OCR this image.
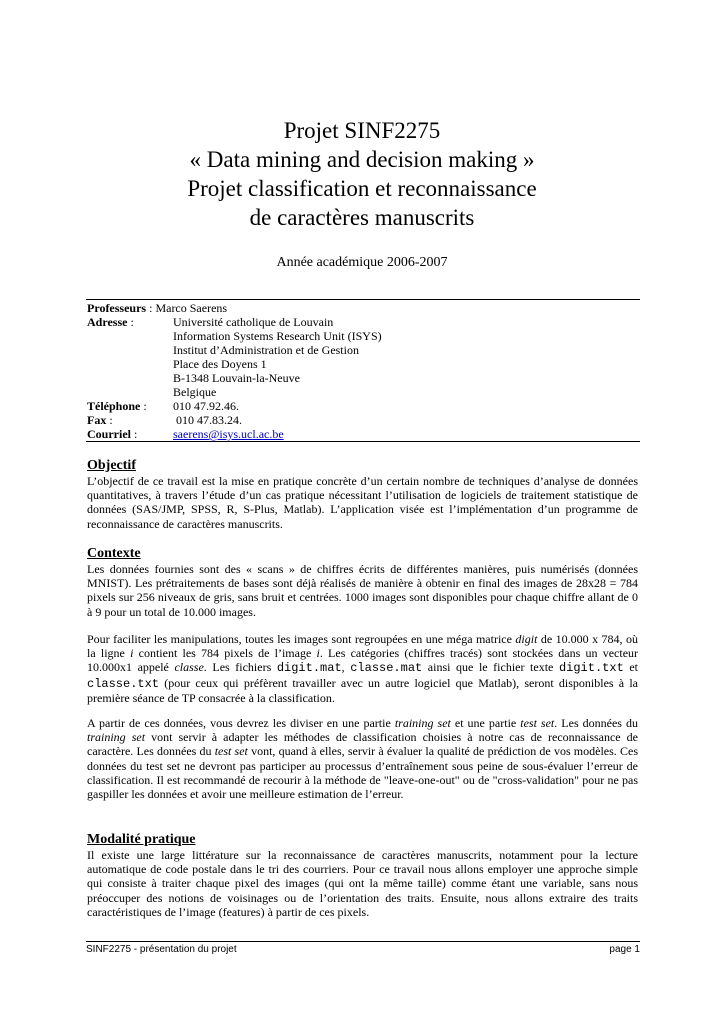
Projet SINF2275
« Data mining and decision making »
Projet classification et reconnaissance
de caractères manuscrits
Année académique 2006-2007
Professeurs : Marco Saerens
Adresse :	Université catholique de Louvain
Information Systems Research Unit (ISYS)
Institut d’Administration et de Gestion
Place des Doyens 1
B-1348 Louvain-la-Neuve
Belgique
Téléphone : 010 47.92.46.
Fax :	010 47.83.24.
Courriel :	saerens@isys.ucl.ac.be
Objectif
L’objectif de ce travail est la mise en pratique concrète d’un certain nombre de techniques d’analyse de données quantitatives, à travers l’étude d’un cas pratique nécessitant l’utilisation de logiciels de traitement statistique de données (SAS/JMP, SPSS, R, S-Plus, Matlab). L’application visée est l’implémentation d’un programme de reconnaissance de caractères manuscrits.
Contexte
Les données fournies sont des « scans » de chiffres écrits de différentes manières, puis numérisés (données MNIST). Les prétraitements de bases sont déjà réalisés de manière à obtenir en final des images de 28x28 = 784 pixels sur 256 niveaux de gris, sans bruit et centrées. 1000 images sont disponibles pour chaque chiffre allant de 0 à 9 pour un total de 10.000 images.
Pour faciliter les manipulations, toutes les images sont regroupées en une méga matrice digit de 10.000 x 784, où la ligne i contient les 784 pixels de l’image i. Les catégories (chiffres tracés) sont stockées dans un vecteur 10.000x1 appelé classe. Les fichiers digit.mat, classe.mat ainsi que le fichier texte digit.txt et classe.txt (pour ceux qui préfèrent travailler avec un autre logiciel que Matlab), seront disponibles à la première séance de TP consacrée à la classification.
A partir de ces données, vous devrez les diviser en une partie training set et une partie test set. Les données du training set vont servir à adapter les méthodes de classification choisies à notre cas de reconnaissance de caractère. Les données du test set vont, quand à elles, servir à évaluer la qualité de prédiction de vos modèles. Ces données du test set ne devront pas participer au processus d’entraînement sous peine de sous-évaluer l’erreur de classification. Il est recommandé de recourir à la méthode de "leave-one-out" ou de "cross-validation" pour ne pas gaspiller les données et avoir une meilleure estimation de l’erreur.
Modalité pratique
Il existe une large littérature sur la reconnaissance de caractères manuscrits, notamment pour la lecture automatique de code postale dans le tri des courriers. Pour ce travail nous allons employer une approche simple qui consiste à traiter chaque pixel des images (qui ont la même taille) comme étant une variable, sans nous préoccuper des notions de voisinages ou de l’orientation des traits. Ensuite, nous allons extraire des traits caractéristiques de l’image (features) à partir de ces pixels.
SINF2275 - présentation du projet	page 1
